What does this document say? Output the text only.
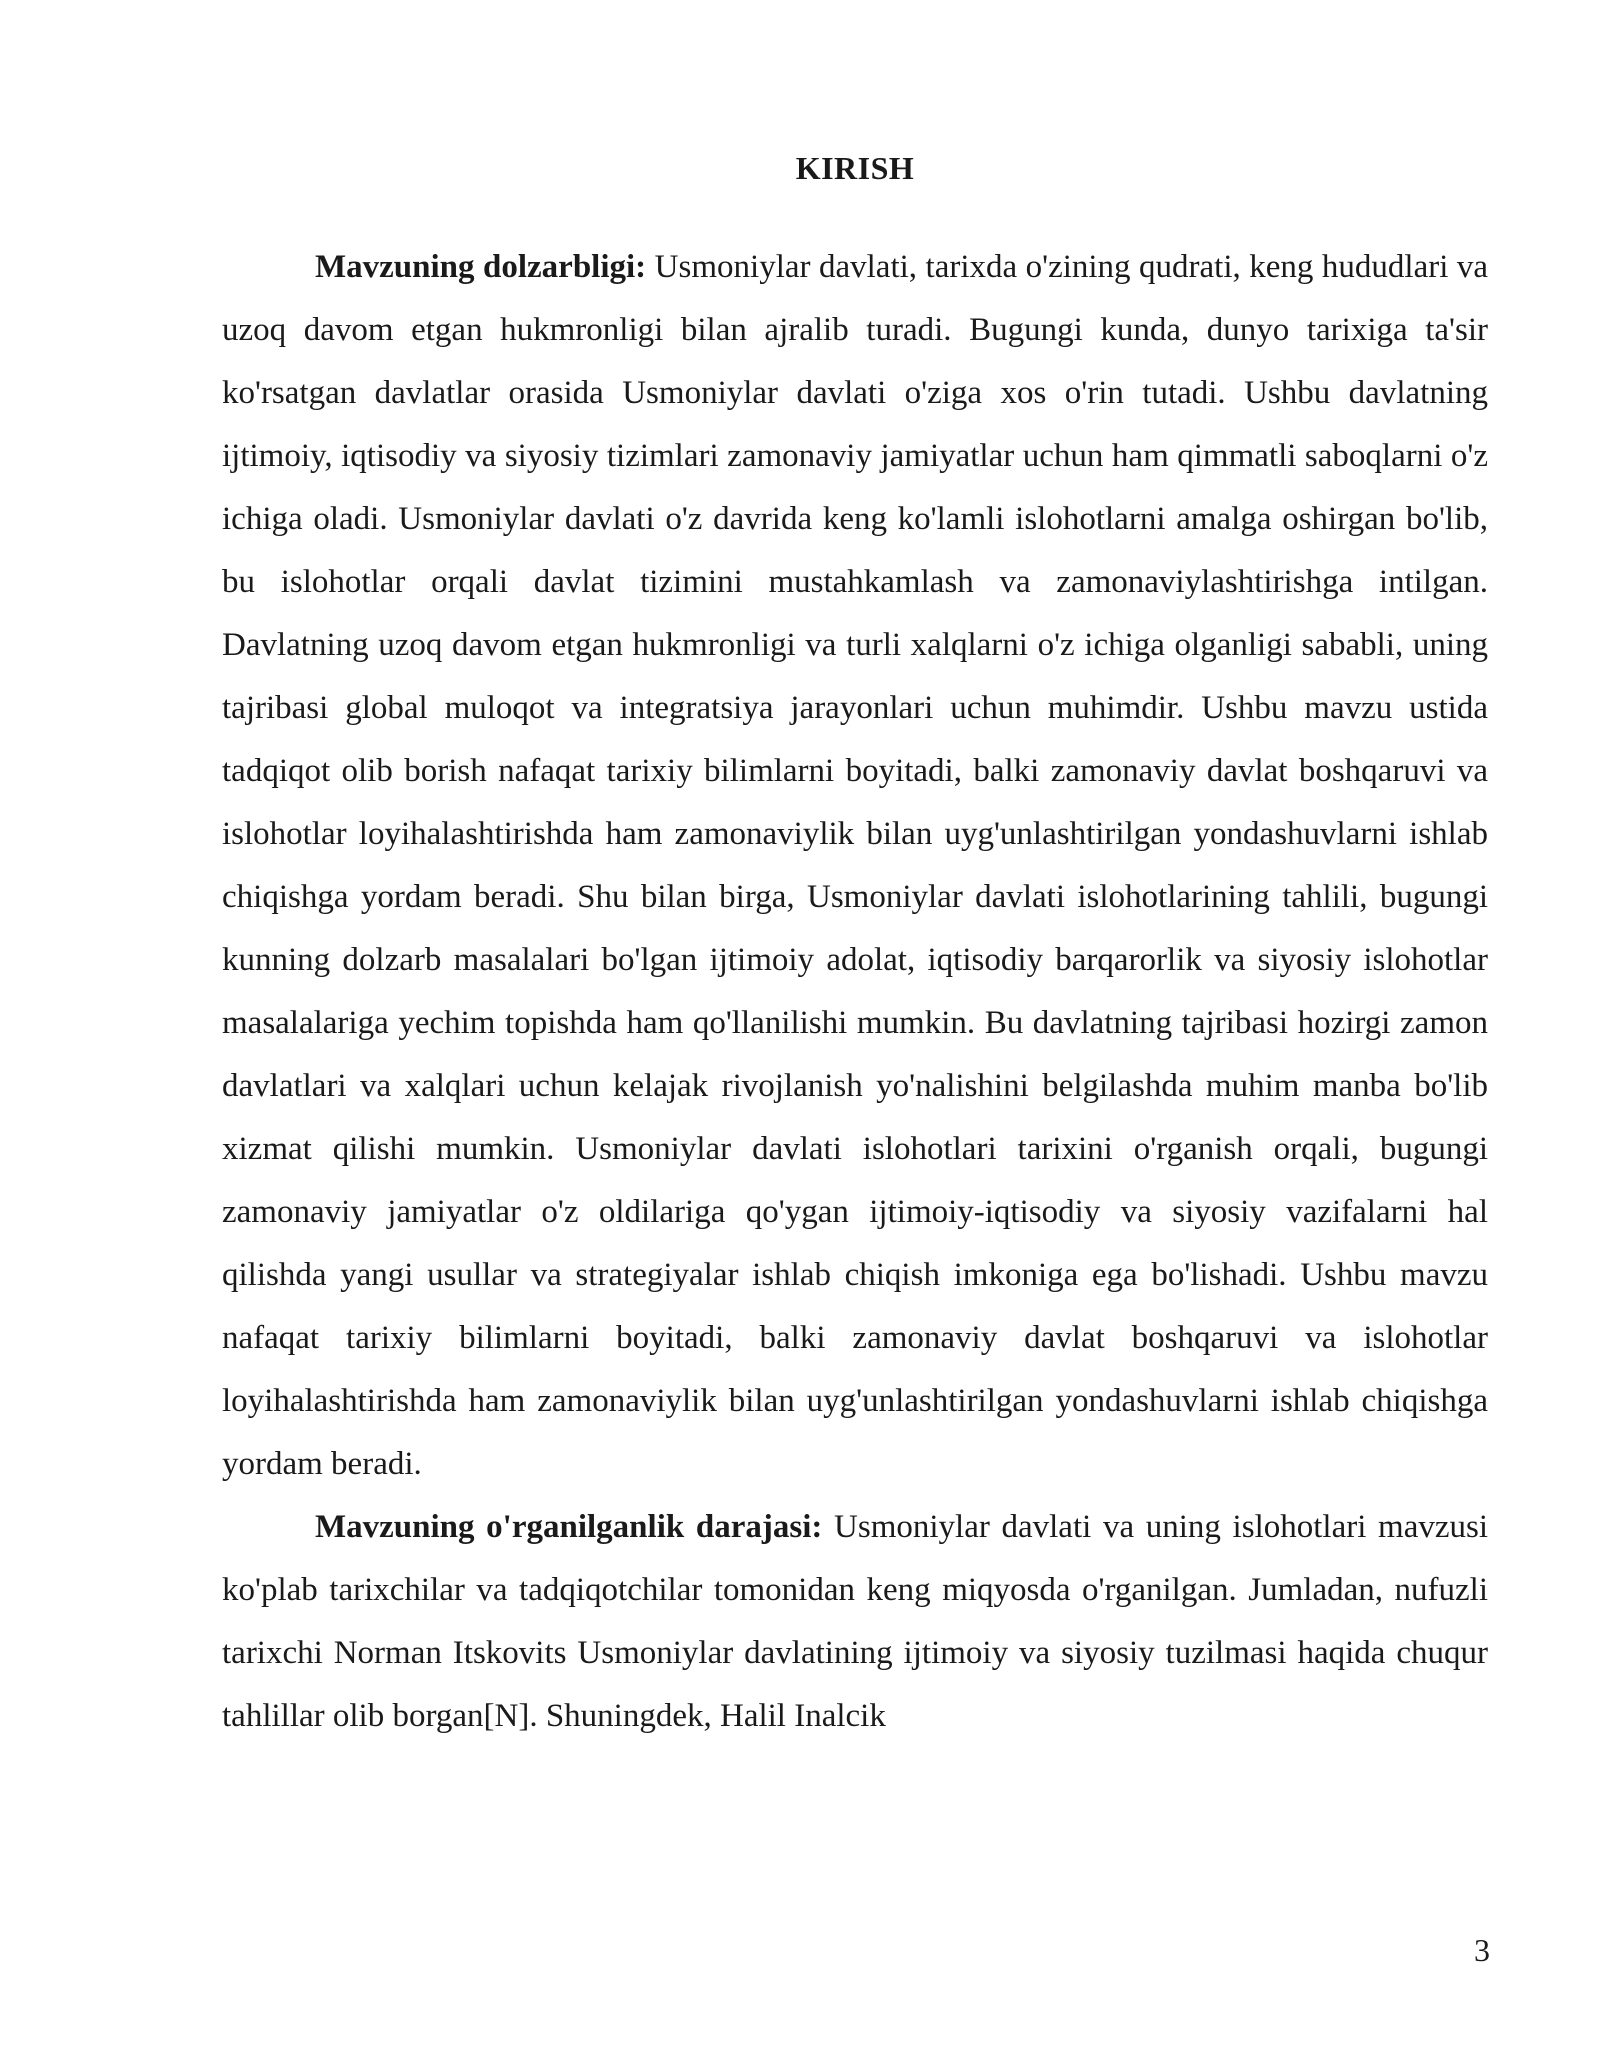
KIRISH

Mavzuning dolzarbligi: Usmoniylar davlati, tarixda o'zining qudrati, keng hududlari va uzoq davom etgan hukmronligi bilan ajralib turadi. Bugungi kunda, dunyo tarixiga ta'sir ko'rsatgan davlatlar orasida Usmoniylar davlati o'ziga xos o'rin tutadi. Ushbu davlatning ijtimoiy, iqtisodiy va siyosiy tizimlari zamonaviy jamiyatlar uchun ham qimmatli saboqlarni o'z ichiga oladi. Usmoniylar davlati o'z davrida keng ko'lamli islohotlarni amalga oshirgan bo'lib, bu islohotlar orqali davlat tizimini mustahkamlash va zamonaviylashtirishga intilgan. Davlatning uzoq davom etgan hukmronligi va turli xalqlarni o'z ichiga olganligi sababli, uning tajribasi global muloqot va integratsiya jarayonlari uchun muhimdir. Ushbu mavzu ustida tadqiqot olib borish nafaqat tarixiy bilimlarni boyitadi, balki zamonaviy davlat boshqaruvi va islohotlar loyihalashtirishda ham zamonaviylik bilan uyg'unlashtirilgan yondashuvlarni ishlab chiqishga yordam beradi. Shu bilan birga, Usmoniylar davlati islohotlarining tahlili, bugungi kunning dolzarb masalalari bo'lgan ijtimoiy adolat, iqtisodiy barqarorlik va siyosiy islohotlar masalalariga yechim topishda ham qo'llanilishi mumkin. Bu davlatning tajribasi hozirgi zamon davlatlari va xalqlari uchun kelajak rivojlanish yo'nalishini belgilashda muhim manba bo'lib xizmat qilishi mumkin. Usmoniylar davlati islohotlari tarixini o'rganish orqali, bugungi zamonaviy jamiyatlar o'z oldilariga qo'ygan ijtimoiy-iqtisodiy va siyosiy vazifalarni hal qilishda yangi usullar va strategiyalar ishlab chiqish imkoniga ega bo'lishadi. Ushbu mavzu nafaqat tarixiy bilimlarni boyitadi, balki zamonaviy davlat boshqaruvi va islohotlar loyihalashtirishda ham zamonaviylik bilan uyg'unlashtirilgan yondashuvlarni ishlab chiqishga yordam beradi.

Mavzuning o'rganilganlik darajasi: Usmoniylar davlati va uning islohotlari mavzusi ko'plab tarixchilar va tadqiqotchilar tomonidan keng miqyosda o'rganilgan. Jumladan, nufuzli tarixchi Norman Itskovits Usmoniylar davlatining ijtimoiy va siyosiy tuzilmasi haqida chuqur tahlillar olib borgan[N]. Shuningdek, Halil Inalcik

3
